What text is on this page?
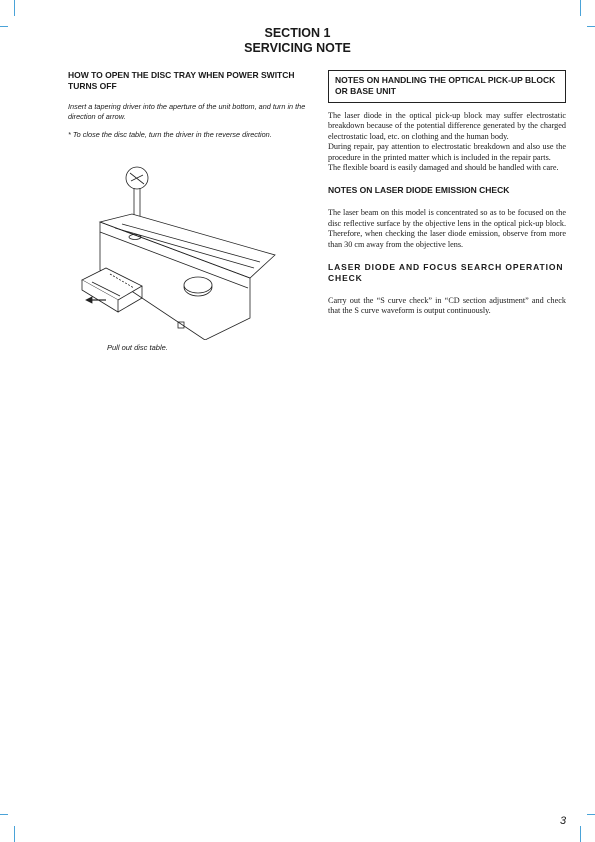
SECTION 1
SERVICING NOTE
HOW TO OPEN THE DISC TRAY WHEN POWER SWITCH TURNS OFF
Insert a tapering driver into the aperture of the unit bottom, and turn in the direction of arrow.
* To close the disc table, turn the driver in the reverse direction.
Pull out disc table.
NOTES ON HANDLING THE OPTICAL PICK-UP BLOCK OR BASE UNIT

The laser diode in the optical pick-up block may suffer electrostatic breakdown because of the potential difference generated by the charged electrostatic load, etc. on clothing and the human body.

During repair, pay attention to electrostatic breakdown and also use the procedure in the printed matter which is included in the repair parts.

The flexible board is easily damaged and should be handled with care.

NOTES ON LASER DIODE EMISSION CHECK

The laser beam on this model is concentrated so as to be focused on the disc reflective surface by the objective lens in the optical pick-up block. Therefore, when checking the laser diode emission, observe from more than 30 cm away from the objective lens.

LASER DIODE AND FOCUS SEARCH OPERATION CHECK

Carry out the “S curve check” in “CD section adjustment” and check that the S curve waveform is output continuously.

3
